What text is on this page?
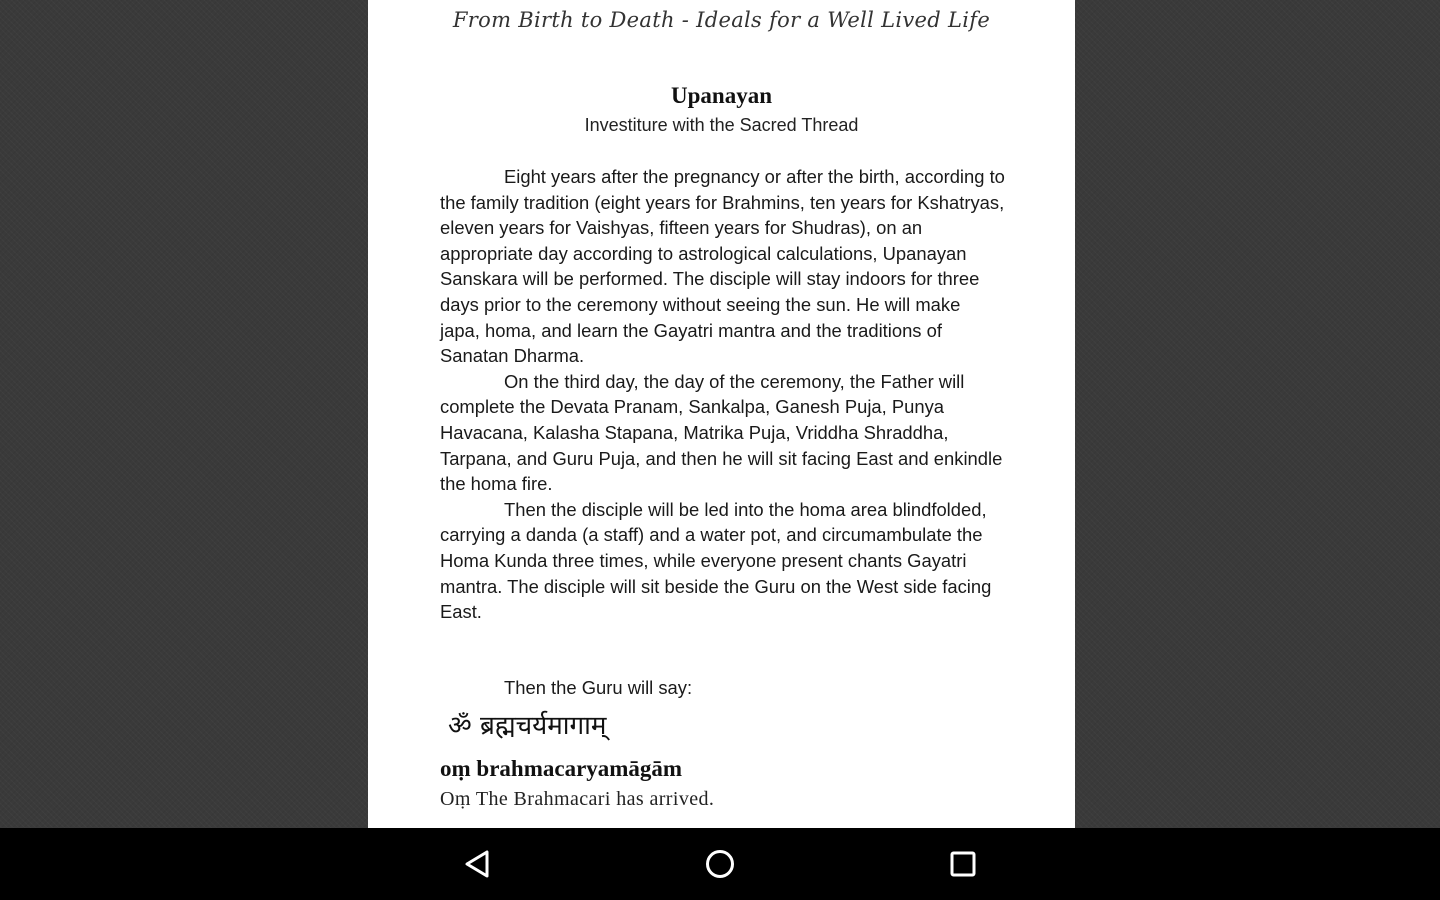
From Birth to Death - Ideals for a Well Lived Life
Upanayan
Investiture with the Sacred Thread

Eight years after the pregnancy or after the birth, according to the family tradition (eight years for Brahmins, ten years for Kshatryas, eleven years for Vaishyas, fifteen years for Shudras), on an appropriate day according to astrological calculations, Upanayan Sanskara will be performed. The disciple will stay indoors for three days prior to the ceremony without seeing the sun. He will make japa, homa, and learn the Gayatri mantra and the traditions of Sanatan Dharma.

On the third day, the day of the ceremony, the Father will complete the Devata Pranam, Sankalpa, Ganesh Puja, Punya Havacana, Kalasha Stapana, Matrika Puja, Vriddha Shraddha, Tarpana, and Guru Puja, and then he will sit facing East and enkindle the homa fire.

Then the disciple will be led into the homa area blindfolded, carrying a danda (a staff) and a water pot, and circumambulate the Homa Kunda three times, while everyone present chants Gayatri mantra. The disciple will sit beside the Guru on the West side facing East.

Then the Guru will say:
ॐ ब्रह्मचर्यमागाम्
oṃ brahmacaryamāgām
Oṃ The Brahmacari has arrived.
